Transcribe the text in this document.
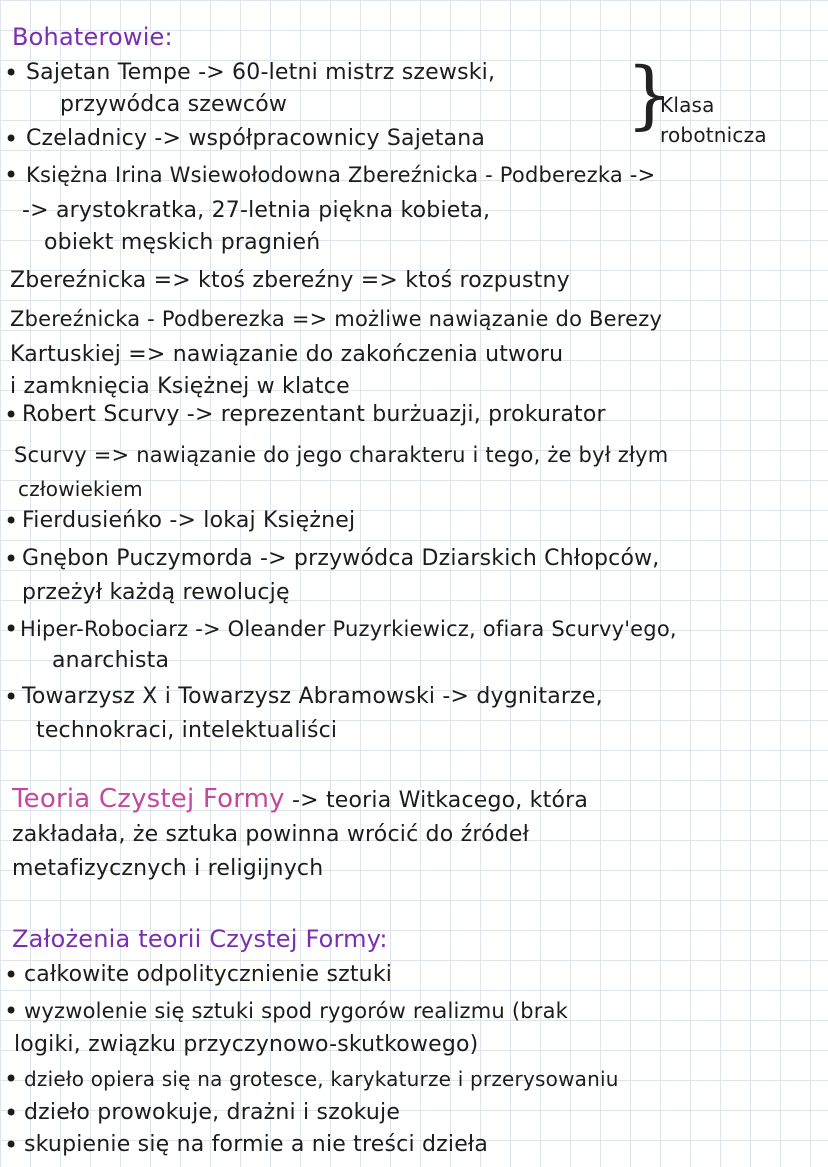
Bohaterowie:
• Sajetan Tempe -> 60-letni mistrz szewski,
przywódca szewców
• Czeladnicy -> współpracownicy Sajetana
}
Klasa
robotnicza
• Księżna Irina Wsiewołodowna Zbereźnicka - Podberezka ->
-> arystokratka, 27-letnia piękna kobieta,
obiekt męskich pragnień
Zbereźnicka => ktoś zbereźny => ktoś rozpustny
Zbereźnicka - Podberezka => możliwe nawiązanie do Berezy
Kartuskiej => nawiązanie do zakończenia utworu
i zamknięcia Księżnej w klatce
• Robert Scurvy -> reprezentant burżuazji, prokurator
Scurvy => nawiązanie do jego charakteru i tego, że był złym
człowiekiem
• Fierdusieńko -> lokaj Księżnej
• Gnębon Puczymorda -> przywódca Dziarskich Chłopców,
przeżył każdą rewolucję
• Hiper-Robociarz -> Oleander Puzyrkiewicz, ofiara Scurvy'ego,
anarchista
• Towarzysz X i Towarzysz Abramowski -> dygnitarze,
technokraci, intelektualiści
Teoria Czystej Formy -> teoria Witkacego, która
zakładała, że sztuka powinna wrócić do źródeł
metafizycznych i religijnych
Założenia teorii Czystej Formy:
• całkowite odpolitycznienie sztuki
• wyzwolenie się sztuki spod rygorów realizmu (brak
logiki, związku przyczynowo-skutkowego)
• dzieło opiera się na grotesce, karykaturze i przerysowaniu
• dzieło prowokuje, drażni i szokuje
• skupienie się na formie a nie treści dzieła
